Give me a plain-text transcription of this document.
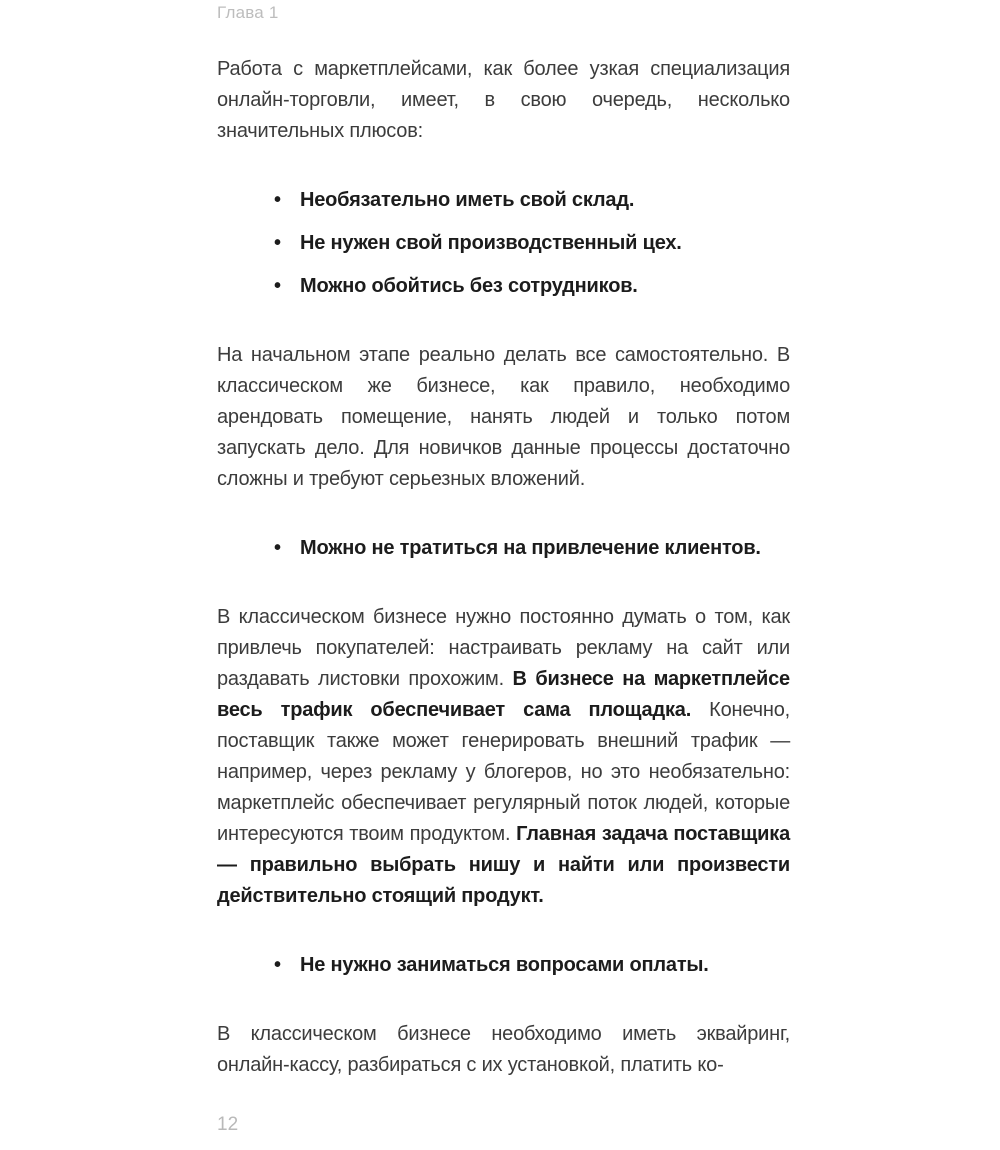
Глава 1

Работа с маркетплейсами, как более узкая специализация онлайн-торговли, имеет, в свою очередь, несколько значительных плюсов:

• Необязательно иметь свой склад.
• Не нужен свой производственный цех.
• Можно обойтись без сотрудников.

На начальном этапе реально делать все самостоятельно. В классическом же бизнесе, как правило, необходимо арендовать помещение, нанять людей и только потом запускать дело. Для новичков данные процессы достаточно сложны и требуют серьезных вложений.

• Можно не тратиться на привлечение клиентов.

В классическом бизнесе нужно постоянно думать о том, как привлечь покупателей: настраивать рекламу на сайт или раздавать листовки прохожим. В бизнесе на маркетплейсе весь трафик обеспечивает сама площадка. Конечно, поставщик также может генерировать внешний трафик — например, через рекламу у блогеров, но это необязательно: маркетплейс обеспечивает регулярный поток людей, которые интересуются твоим продуктом. Главная задача поставщика — правильно выбрать нишу и найти или произвести действительно стоящий продукт.

• Не нужно заниматься вопросами оплаты.

В классическом бизнесе необходимо иметь эквайринг, онлайн-кассу, разбираться с их установкой, платить ко-

12
